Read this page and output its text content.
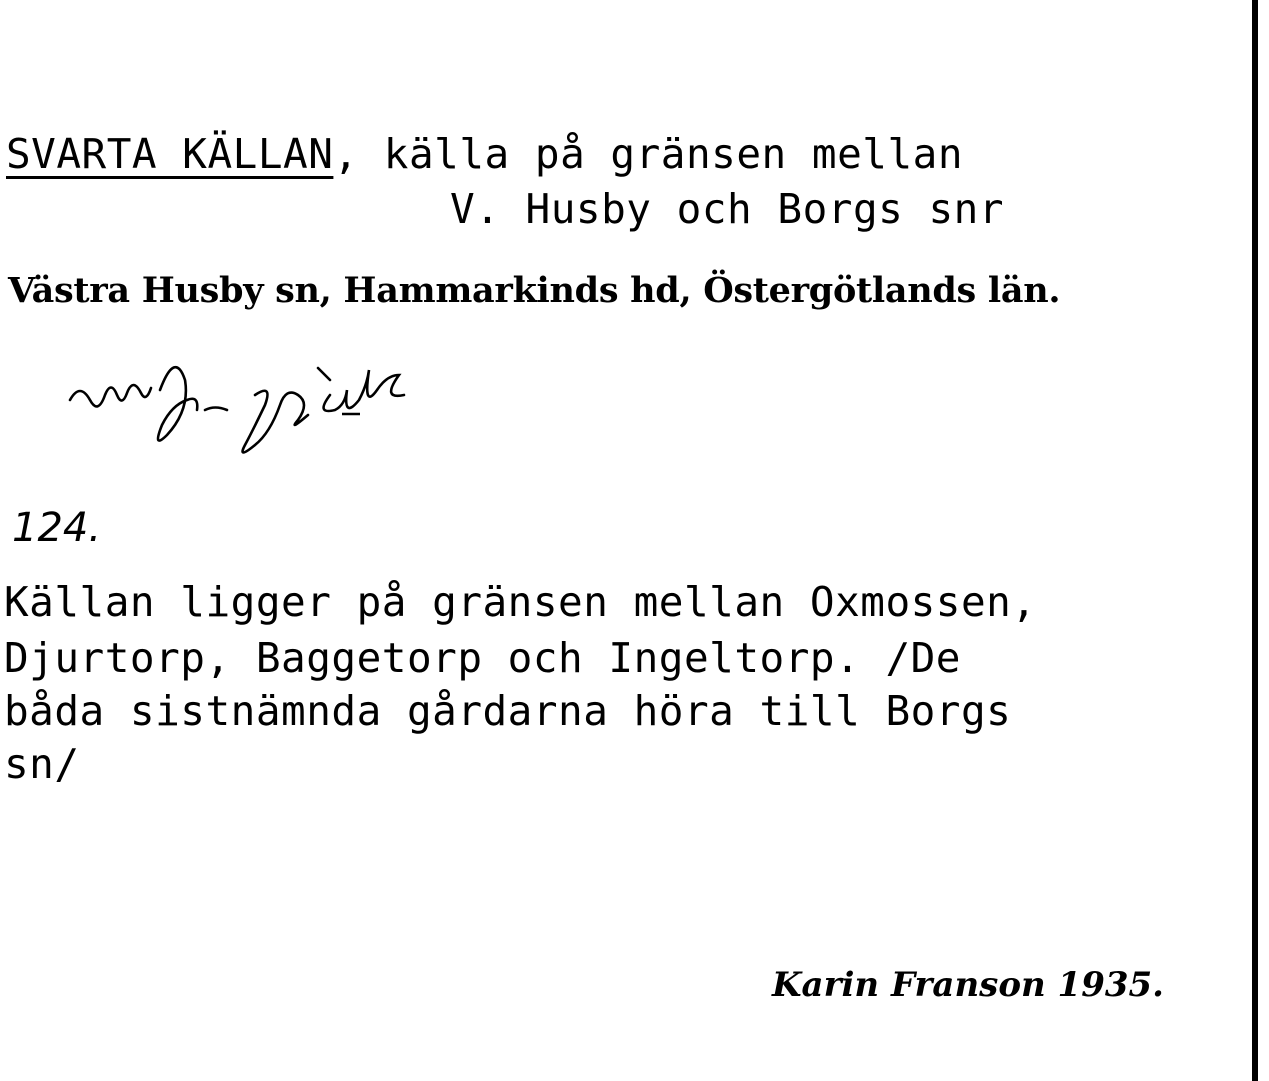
SVARTA KÄLLAN, källa på gränsen mellan
V. Husby och Borgs snr
Västra Husby sn, Hammarkinds hd, Östergötlands län.
124.
Källan ligger på gränsen mellan Oxmossen,
Djurtorp, Baggetorp och Ingeltorp. /De
båda sistnämnda gårdarna höra till Borgs
sn/
Karin Franson 1935.
